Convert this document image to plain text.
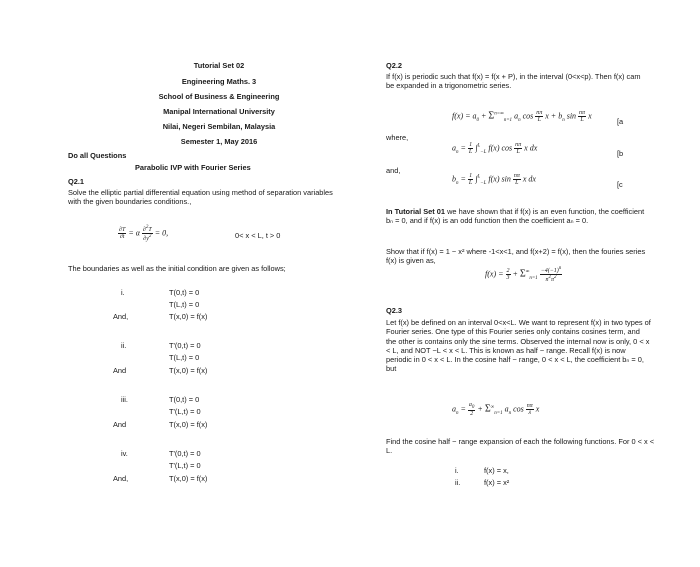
Tutorial Set 02
Engineering Maths. 3
School of Business & Engineering
Manipal International University
Nilai, Negeri Sembilan, Malaysia
Semester 1, May 2016
Do all Questions
Parabolic IVP with Fourier Series
Q2.1
Solve the elliptic partial differential equation using method of separation variables with the given boundaries conditions.,
$\frac{\partial T}{\partial t} = \alpha \frac{\partial^2T}{\partial y^2} = 0$,	0< x < L, t > 0
The boundaries as well as the initial condition are given as follows;
i.	T(0,t) = 0
T(L,t) = 0
And,	T(x,0) = f(x)
ii.	T'(0,t) = 0
T(L,t) = 0
And	T(x,0) = f(x)
iii.	T(0,t) = 0
T'(L,t) = 0
And	T(x,0) = f(x)
iv.	T'(0,t) = 0
T'(L,t) = 0
And,	T(x,0) = f(x)
Q2.2
If f(x) is periodic such that f(x) = f(x + P), in the interval (0<x<p). Then f(x) cam be expanded in a trigonometric series.
$f(x) = a_0 + \Sigma^{n=\infty}_{n=1}$ $a_n$ $\cos \frac{n\pi}{L}$ $x + b_n$ $\sin \frac{n\pi}{L}$ x
[a
where,
$a_n = \frac{1}{L} \int^L_{-L}$ f(x) $\cos \frac{n\pi}{L}$ x dx
[b
and,
$b_n = \frac{1}{L} \int^L_{-L}$ f(x) $\sin \frac{n\pi}{L}$ x dx
[c
In Tutorial Set 01 we have shown that if f(x) is an even function, the coefficient bₙ = 0, and if f(x) is an odd function then the coefficient aₙ = 0.
Show that if f(x) = 1 − x² where -1<x<1, and f(x+2) = f(x), then the fouries series f(x) is given as,
$f(x) = \frac{2}{3} + \Sigma^\infty_{n=1} \frac{-4(-1)^n}{n^2\pi^2}$
Q2.3
Let f(x) be defined on an interval 0<x<L. We want to represent f(x) in two types of Fourier series. One type of this Fourier series only contains cosines term, and the other is contains only the sine terms. Observed the internal now is only, 0 < x < L, and NOT −L < x < L. This is known as half − range. Recall f(x) is now periodic in 0 < x < L. In the cosine half − range, 0 < x < L, the coefficient bₙ = 0, but
$a_n = \frac{a_0}{2} + \Sigma^\infty_{n=1}$ $a_n$ $\cos \frac{n\pi}{\lambda}$ x
Find the cosine half − range expansion of each the following functions. For 0 < x < L.
i.	f(x) = x,
ii.	f(x) = x²
